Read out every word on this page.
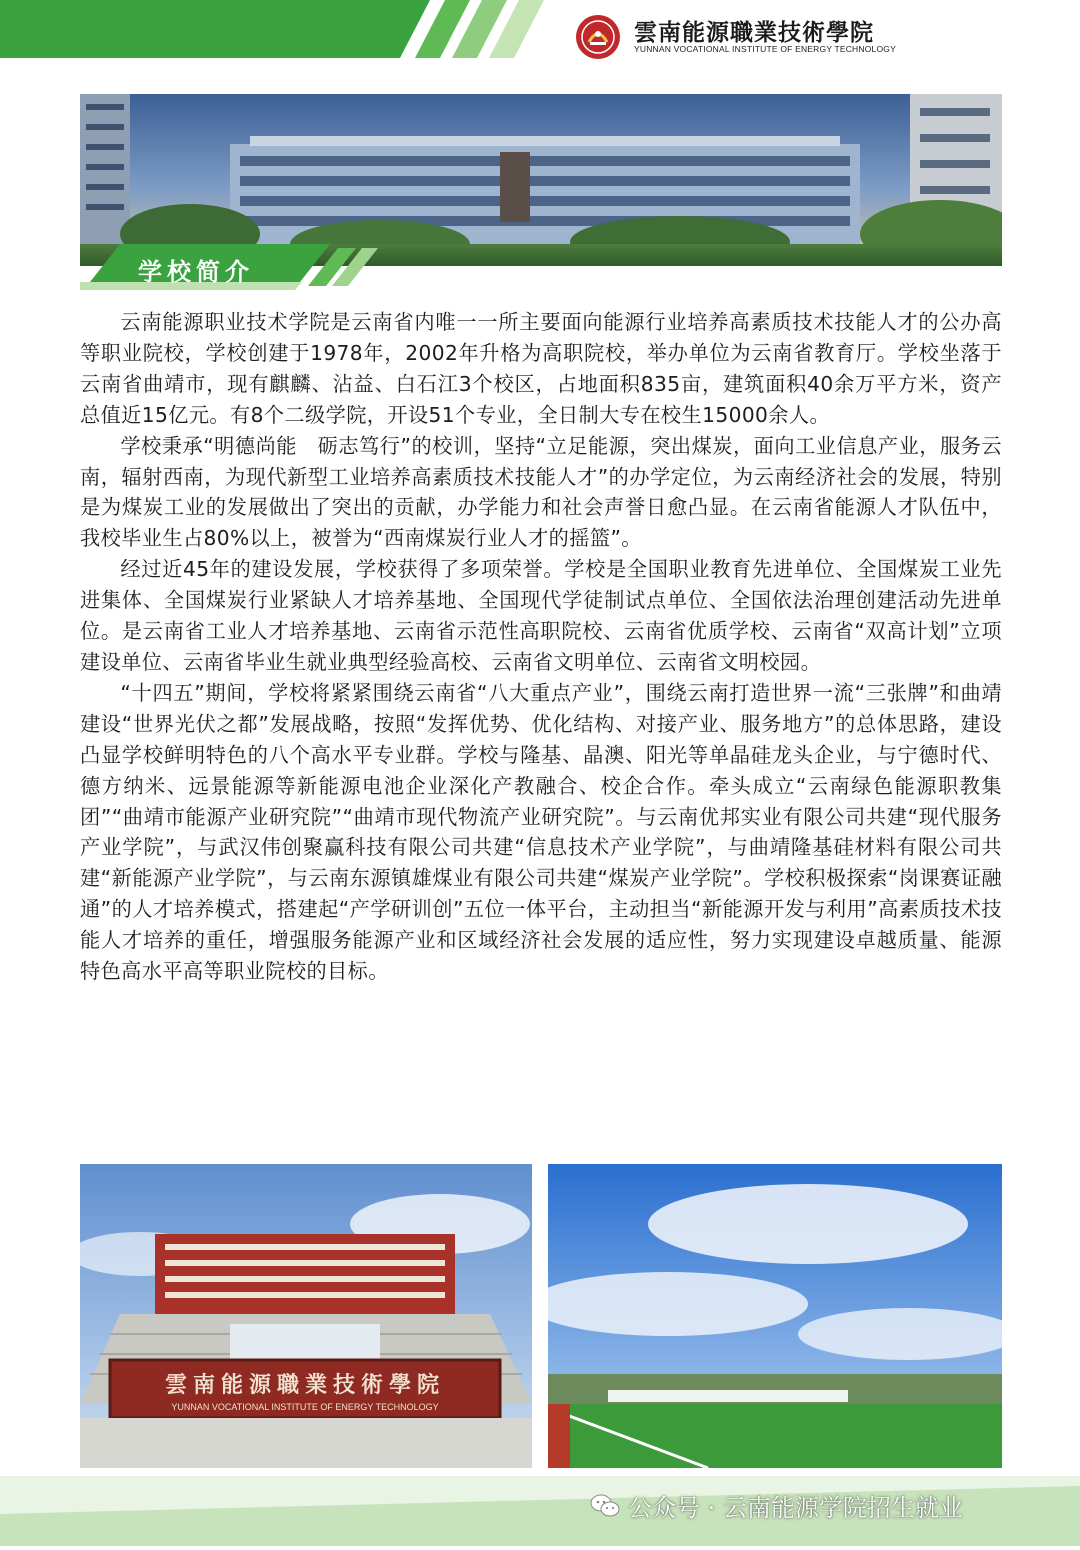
雲南能源職業技術學院
YUNNAN VOCATIONAL INSTITUTE OF ENERGY TECHNOLOGY
学校简介

云南能源职业技术学院是云南省内唯一一所主要面向能源行业培养高素质技术技能人才的公办高等职业院校，学校创建于1978年，2002年升格为高职院校，举办单位为云南省教育厅。学校坐落于云南省曲靖市，现有麒麟、沾益、白石江3个校区，占地面积835亩，建筑面积40余万平方米，资产总值近15亿元。有8个二级学院，开设51个专业，全日制大专在校生15000余人。

学校秉承“明德尚能　砺志笃行”的校训，坚持“立足能源，突出煤炭，面向工业信息产业，服务云南，辐射西南，为现代新型工业培养高素质技术技能人才”的办学定位，为云南经济社会的发展，特别是为煤炭工业的发展做出了突出的贡献，办学能力和社会声誉日愈凸显。在云南省能源人才队伍中，我校毕业生占80%以上，被誉为“西南煤炭行业人才的摇篮”。

经过近45年的建设发展，学校获得了多项荣誉。学校是全国职业教育先进单位、全国煤炭工业先进集体、全国煤炭行业紧缺人才培养基地、全国现代学徒制试点单位、全国依法治理创建活动先进单位。是云南省工业人才培养基地、云南省示范性高职院校、云南省优质学校、云南省“双高计划”立项建设单位、云南省毕业生就业典型经验高校、云南省文明单位、云南省文明校园。

“十四五”期间，学校将紧紧围绕云南省“八大重点产业”，围绕云南打造世界一流“三张牌”和曲靖建设“世界光伏之都”发展战略，按照“发挥优势、优化结构、对接产业、服务地方”的总体思路，建设凸显学校鲜明特色的八个高水平专业群。学校与隆基、晶澳、阳光等单晶硅龙头企业，与宁德时代、德方纳米、远景能源等新能源电池企业深化产教融合、校企合作。牵头成立“云南绿色能源职教集团”“曲靖市能源产业研究院”“曲靖市现代物流产业研究院”。与云南优邦实业有限公司共建“现代服务产业学院”，与武汉伟创聚赢科技有限公司共建“信息技术产业学院”，与曲靖隆基硅材料有限公司共建“新能源产业学院”，与云南东源镇雄煤业有限公司共建“煤炭产业学院”。学校积极探索“岗课赛证融通”的人才培养模式，搭建起“产学研训创”五位一体平台，主动担当“新能源开发与利用”高素质技术技能人才培养的重任，增强服务能源产业和区域经济社会发展的适应性，努力实现建设卓越质量、能源特色高水平高等职业院校的目标。

雲南能源職業技術學院
YUNNAN VOCATIONAL INSTITUTE OF ENERGY TECHNOLOGY
公众号 · 云南能源学院招生就业
